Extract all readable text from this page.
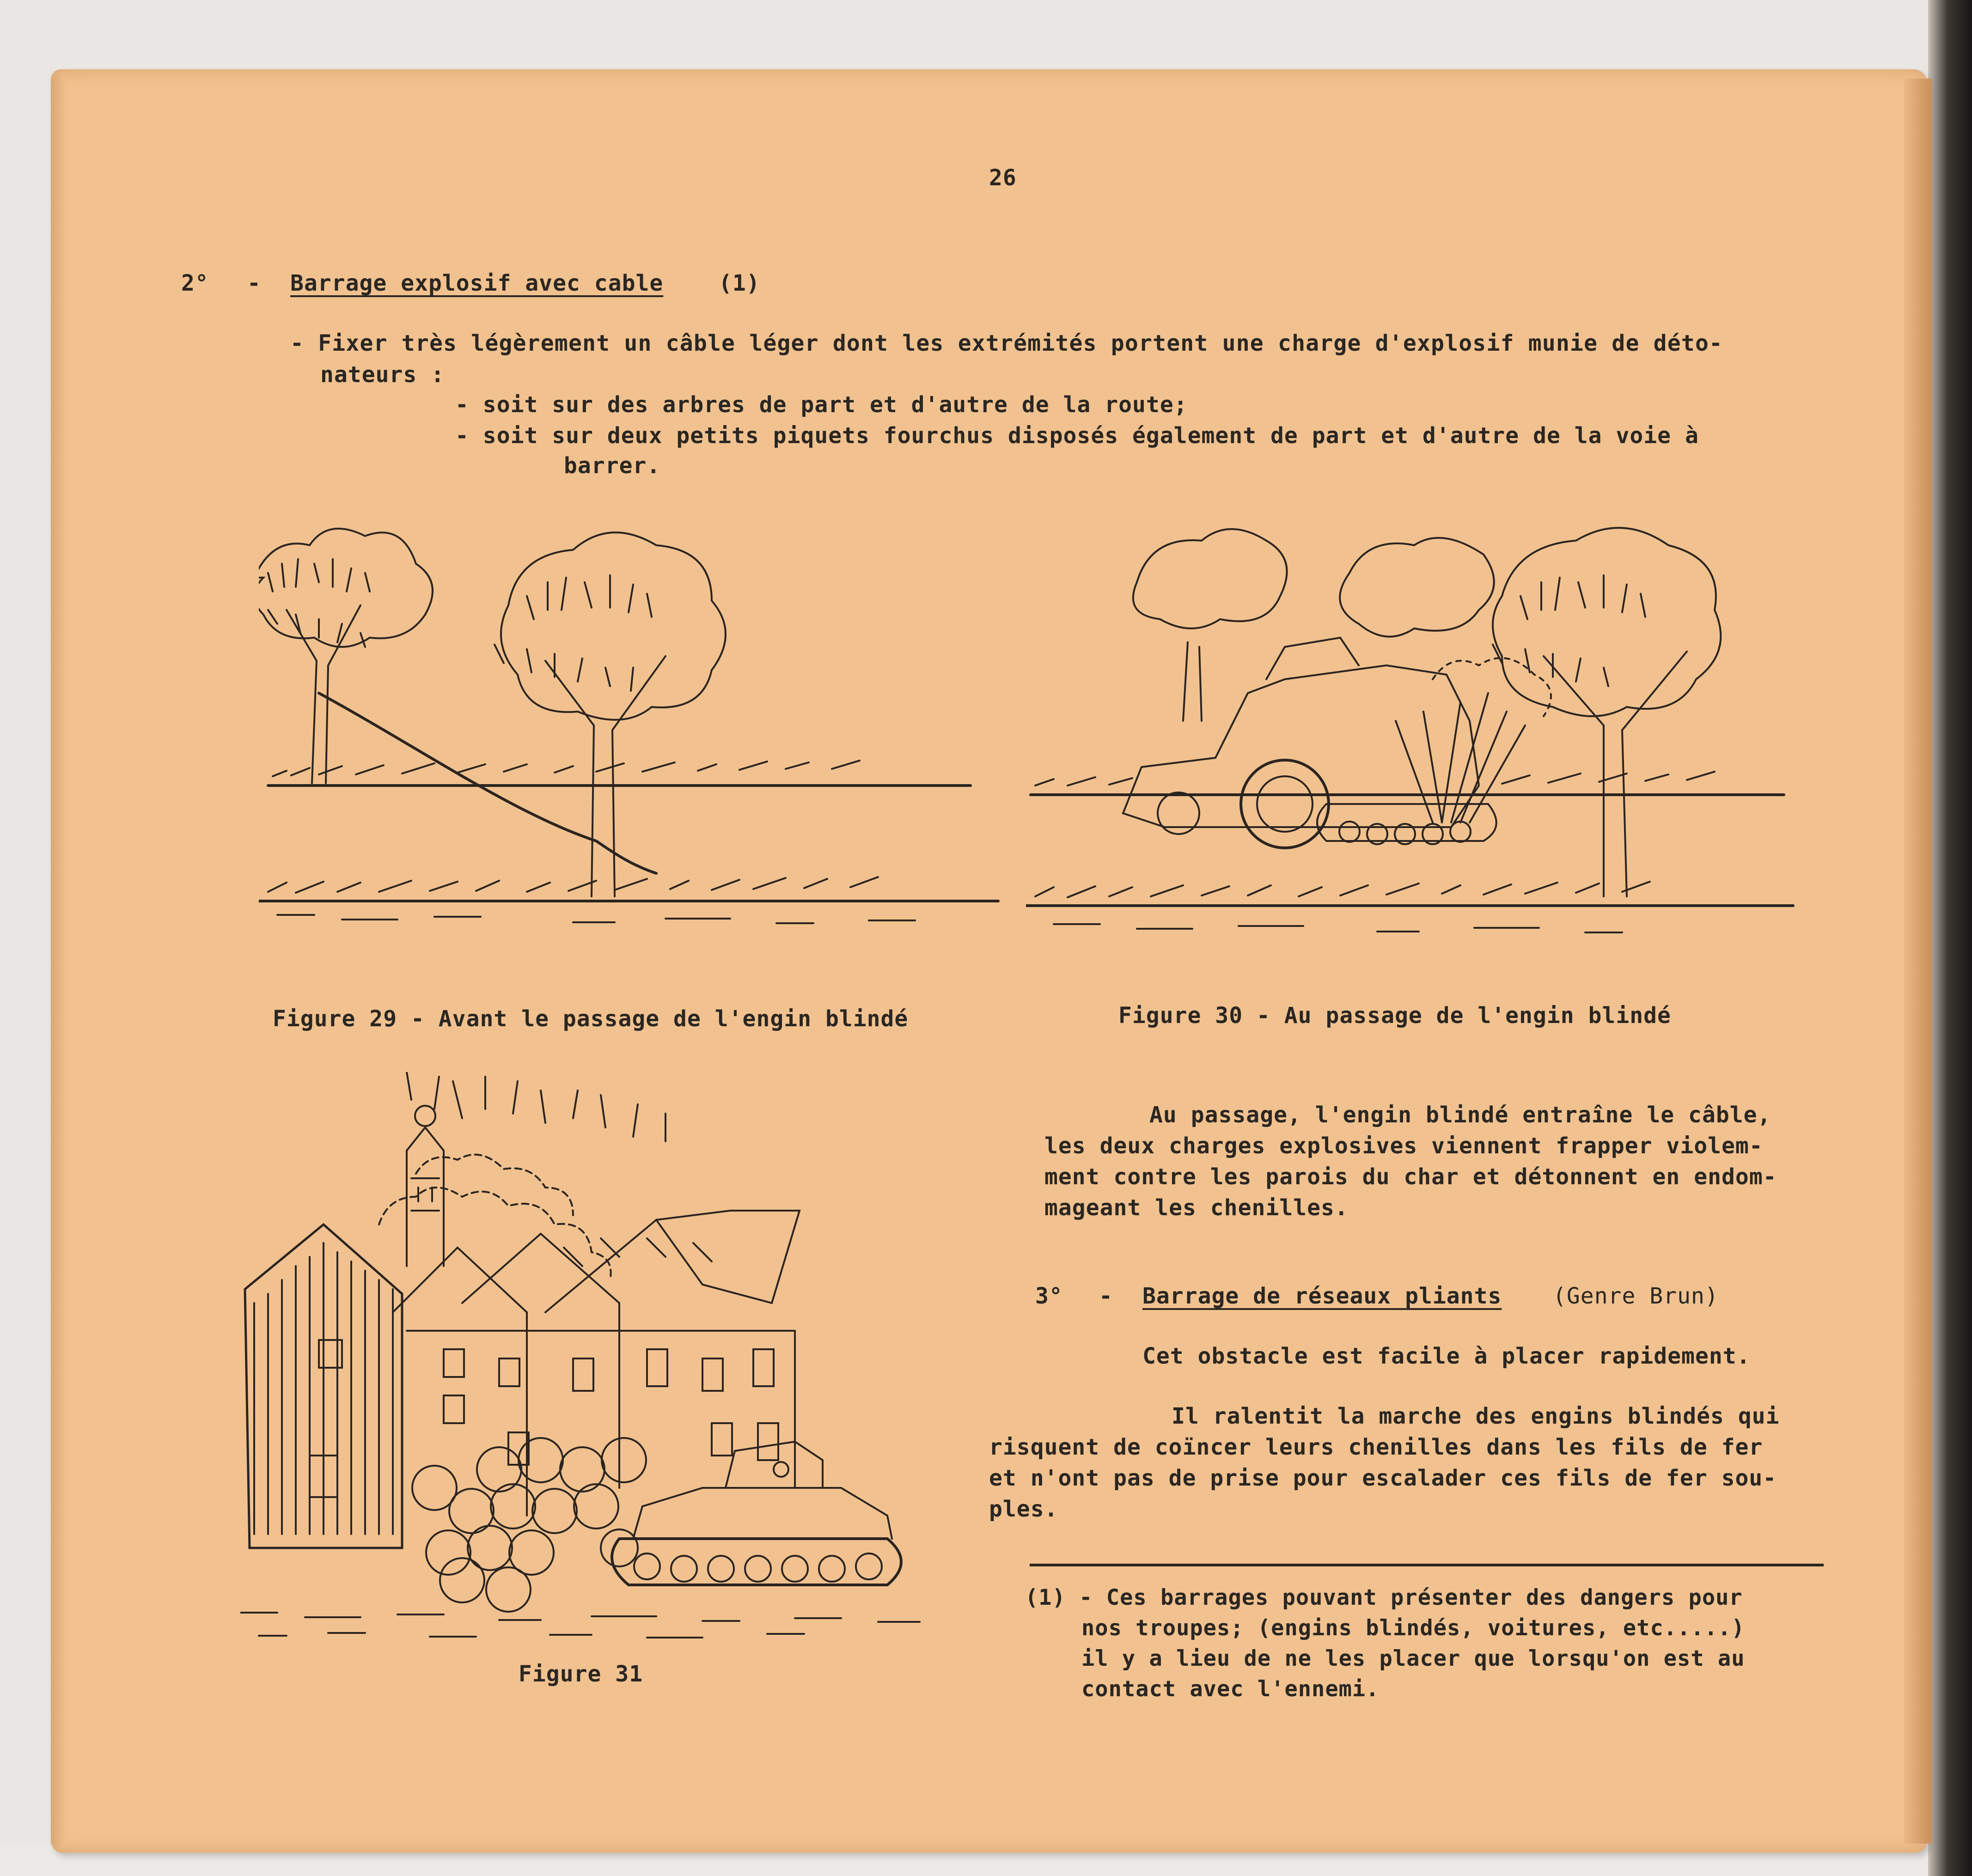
26
2° - Barrage explosif avec cable (1)
- Fixer très légèrement un câble léger dont les extrémités portent une charge d'explosif munie de déto-
nateurs :
- soit sur des arbres de part et d'autre de la route;
- soit sur deux petits piquets fourchus disposés également de part et d'autre de la voie à
barrer.
Figure 29 - Avant le passage de l'engin blindé	Figure 30 - Au passage de l'engin blindé
Figure 31
Au passage, l'engin blindé entraîne le câble,
les deux charges explosives viennent frapper violem-
ment contre les parois du char et détonnent en endom-
mageant les chenilles.
3° - Barrage de réseaux pliants (Genre Brun)
Cet obstacle est facile à placer rapidement.
Il ralentit la marche des engins blindés qui
risquent de coïncer leurs chenilles dans les fils de fer
et n'ont pas de prise pour escalader ces fils de fer sou-
ples.
(1) - Ces barrages pouvant présenter des dangers pour
nos troupes; (engins blindés, voitures, etc.....)
il y a lieu de ne les placer que lorsqu'on est au
contact avec l'ennemi.
